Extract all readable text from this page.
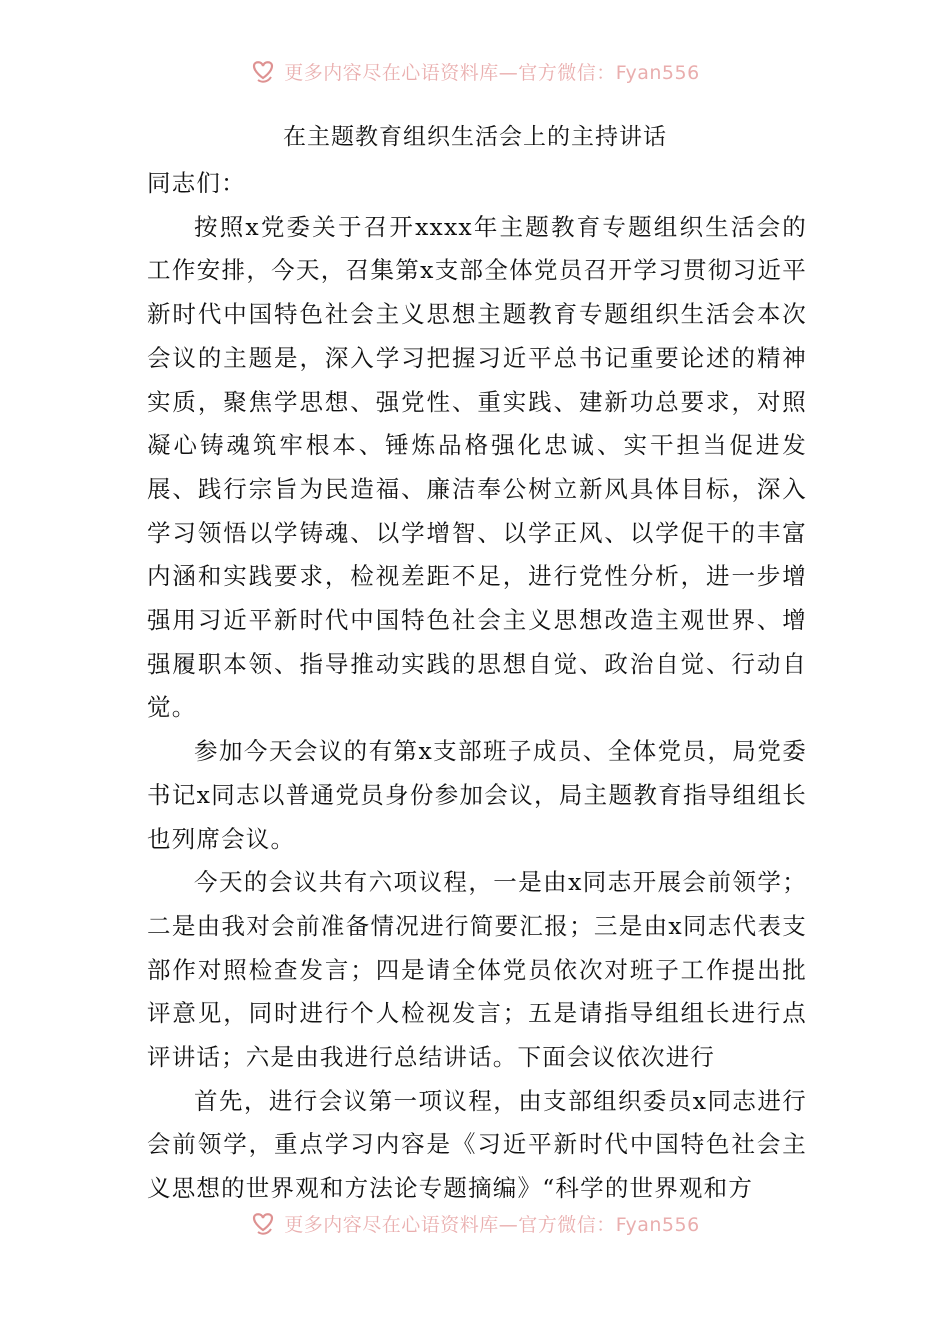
更多内容尽在心语资料库—官方微信：Fyan556
在主题教育组织生活会上的主持讲话

同志们：

按照x党委关于召开xxxx年主题教育专题组织生活会的工作安排，今天，召集第x支部全体党员召开学习贯彻习近平新时代中国特色社会主义思想主题教育专题组织生活会本次会议的主题是，深入学习把握习近平总书记重要论述的精神实质，聚焦学思想、强党性、重实践、建新功总要求，对照凝心铸魂筑牢根本、锤炼品格强化忠诚、实干担当促进发展、践行宗旨为民造福、廉洁奉公树立新风具体目标，深入学习领悟以学铸魂、以学增智、以学正风、以学促干的丰富内涵和实践要求，检视差距不足，进行党性分析，进一步增强用习近平新时代中国特色社会主义思想改造主观世界、增强履职本领、指导推动实践的思想自觉、政治自觉、行动自觉。

参加今天会议的有第x支部班子成员、全体党员，局党委书记x同志以普通党员身份参加会议，局主题教育指导组组长也列席会议。

今天的会议共有六项议程，一是由x同志开展会前领学；二是由我对会前准备情况进行简要汇报；三是由x同志代表支部作对照检查发言；四是请全体党员依次对班子工作提出批评意见，同时进行个人检视发言；五是请指导组组长进行点评讲话；六是由我进行总结讲话。下面会议依次进行

首先，进行会议第一项议程，由支部组织委员x同志进行会前领学，重点学习内容是《习近平新时代中国特色社会主义思想的世界观和方法论专题摘编》“科学的世界观和方

更多内容尽在心语资料库—官方微信：Fyan556
